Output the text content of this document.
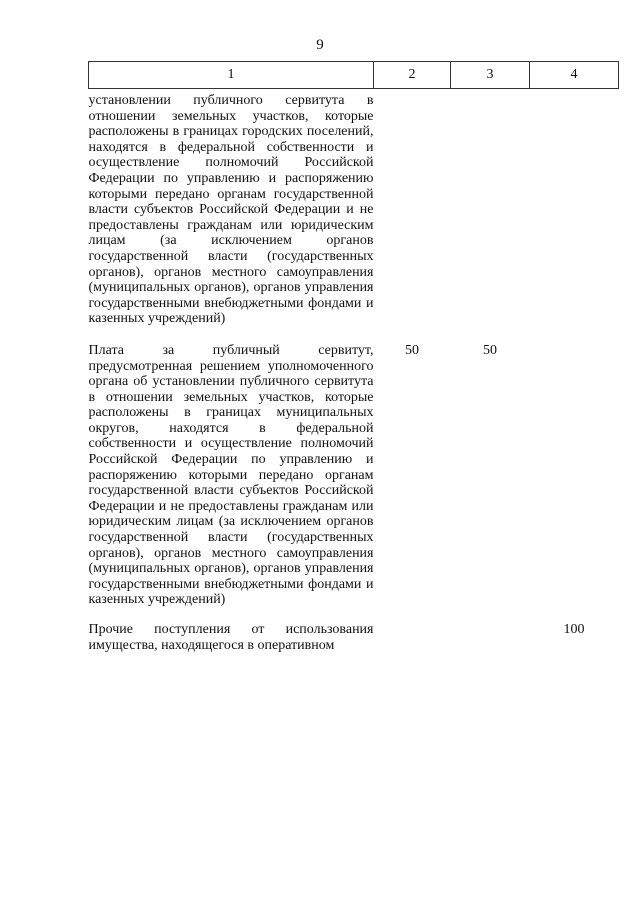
9
1	2	3	4
установлении публичного сервитута в отношении земельных участков, которые расположены в границах городских поселений, находятся в федеральной собственности и осуществление полномочий Российской Федерации по управлению и распоряжению которыми передано органам государственной власти субъектов Российской Федерации и не предоставлены гражданам или юридическим лицам (за исключением органов государственной власти (государственных органов), органов местного самоуправления (муниципальных органов), органов управления государственными внебюджетными фондами и казенных учреждений)			
Плата за публичный сервитут, предусмотренная решением уполномоченного органа об установлении публичного сервитута в отношении земельных участков, которые расположены в границах муниципальных округов, находятся в федеральной собственности и осуществление полномочий Российской Федерации по управлению и распоряжению которыми передано органам государственной власти субъектов Российской Федерации и не предоставлены гражданам или юридическим лицам (за исключением органов государственной власти (государственных органов), органов местного самоуправления (муниципальных органов), органов управления государственными внебюджетными фондами и казенных учреждений)	50	50	
Прочие поступления от использования имущества, находящегося в оперативном			100
